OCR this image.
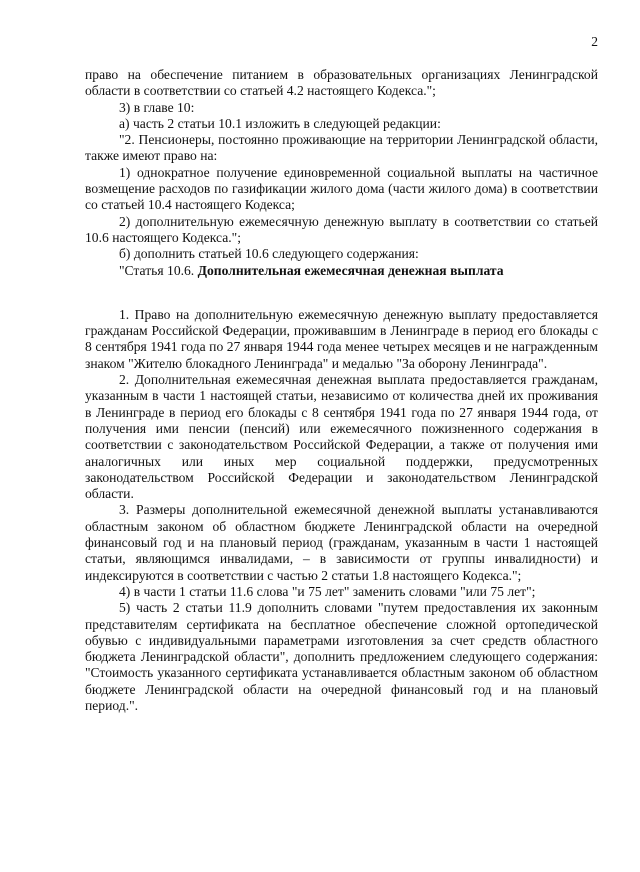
2

право на обеспечение питанием в образовательных организациях Ленинградской области в соответствии со статьей 4.2 настоящего Кодекса.";

3) в главе 10:

а) часть 2 статьи 10.1 изложить в следующей редакции:

"2. Пенсионеры, постоянно проживающие на территории Ленинградской области, также имеют право на:

1) однократное получение единовременной социальной выплаты на частичное возмещение расходов по газификации жилого дома (части жилого дома) в соответствии со статьей 10.4 настоящего Кодекса;

2) дополнительную ежемесячную денежную выплату в соответствии со статьей 10.6 настоящего Кодекса.";

б) дополнить статьей 10.6 следующего содержания:

"Статья 10.6. Дополнительная ежемесячная денежная выплата

1. Право на дополнительную ежемесячную денежную выплату предоставляется гражданам Российской Федерации, проживавшим в Ленинграде в период его блокады с 8 сентября 1941 года по 27 января 1944 года менее четырех месяцев и не награжденным знаком "Жителю блокадного Ленинграда" и медалью "За оборону Ленинграда".

2. Дополнительная ежемесячная денежная выплата предоставляется гражданам, указанным в части 1 настоящей статьи, независимо от количества дней их проживания в Ленинграде в период его блокады с 8 сентября 1941 года по 27 января 1944 года, от получения ими пенсии (пенсий) или ежемесячного пожизненного содержания в соответствии с законодательством Российской Федерации, а также от получения ими аналогичных или иных мер социальной поддержки, предусмотренных законодательством Российской Федерации и законодательством Ленинградской области.

3. Размеры дополнительной ежемесячной денежной выплаты устанавливаются областным законом об областном бюджете Ленинградской области на очередной финансовый год и на плановый период (гражданам, указанным в части 1 настоящей статьи, являющимся инвалидами, – в зависимости от группы инвалидности) и индексируются в соответствии с частью 2 статьи 1.8 настоящего Кодекса.";

4) в части 1 статьи 11.6 слова "и 75 лет" заменить словами "или 75 лет";

5) часть 2 статьи 11.9 дополнить словами "путем предоставления их законным представителям сертификата на бесплатное обеспечение сложной ортопедической обувью с индивидуальными параметрами изготовления за счет средств областного бюджета Ленинградской области", дополнить предложением следующего содержания: "Стоимость указанного сертификата устанавливается областным законом об областном бюджете Ленинградской области на очередной финансовый год и на плановый период.".
